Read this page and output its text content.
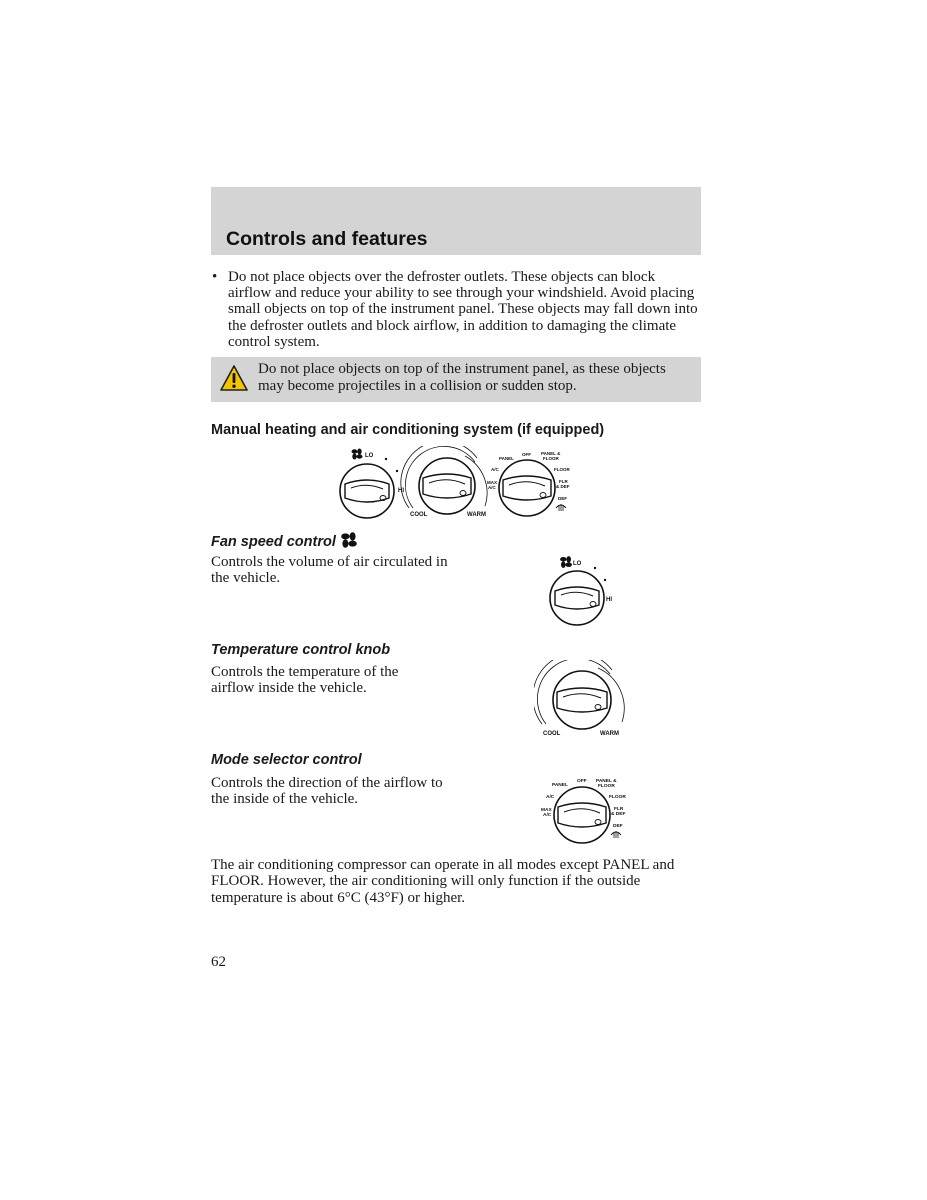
Controls and features
• Do not place objects over the defroster outlets. These objects can block airflow and reduce your ability to see through your windshield. Avoid placing small objects on top of the instrument panel. These objects may fall down into the defroster outlets and block airflow, in addition to damaging the climate control system.
Do not place objects on top of the instrument panel, as these objects may become projectiles in a collision or sudden stop.
Manual heating and air conditioning system (if equipped)
LO
HI
COOL	WARM
PANEL
OFF PANEL &
FLOOR
A/C	FLOOR
MAX
A/C
FLR
& DEF
DEF
Fan speed control

Controls the volume of air circulated in the vehicle.

LO
HI
Temperature control knob

Controls the temperature of the airflow inside the vehicle.

COOL	WARM
Mode selector control

Controls the direction of the airflow to the inside of the vehicle.

PANEL
OFF PANEL &
FLOOR
A/C	FLOOR
MAX
A/C
FLR
& DEF
DEF

The air conditioning compressor can operate in all modes except PANEL and FLOOR. However, the air conditioning will only function if the outside temperature is about 6°C (43°F) or higher.

62
